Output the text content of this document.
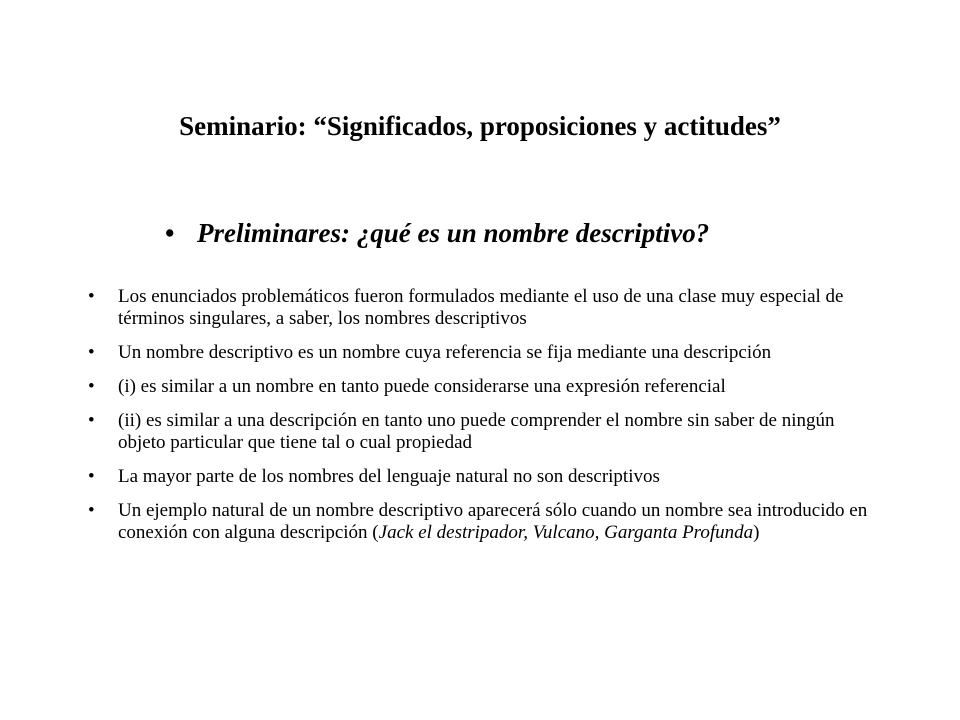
Seminario: “Significados, proposiciones y actitudes”

• Preliminares: ¿qué es un nombre descriptivo?

•	Los enunciados problemáticos fueron formulados mediante el uso de una clase muy especial de términos singulares, a saber, los nombres descriptivos
•	Un nombre descriptivo es un nombre cuya referencia se fija mediante una descripción
•	(i) es similar a un nombre en tanto puede considerarse una expresión referencial
•	(ii) es similar a una descripción en tanto uno puede comprender el nombre sin saber de ningún objeto particular que tiene tal o cual propiedad
•	La mayor parte de los nombres del lenguaje natural no son descriptivos
•	Un ejemplo natural de un nombre descriptivo aparecerá sólo cuando un nombre sea introducido en conexión con alguna descripción (Jack el destripador, Vulcano, Garganta Profunda)
